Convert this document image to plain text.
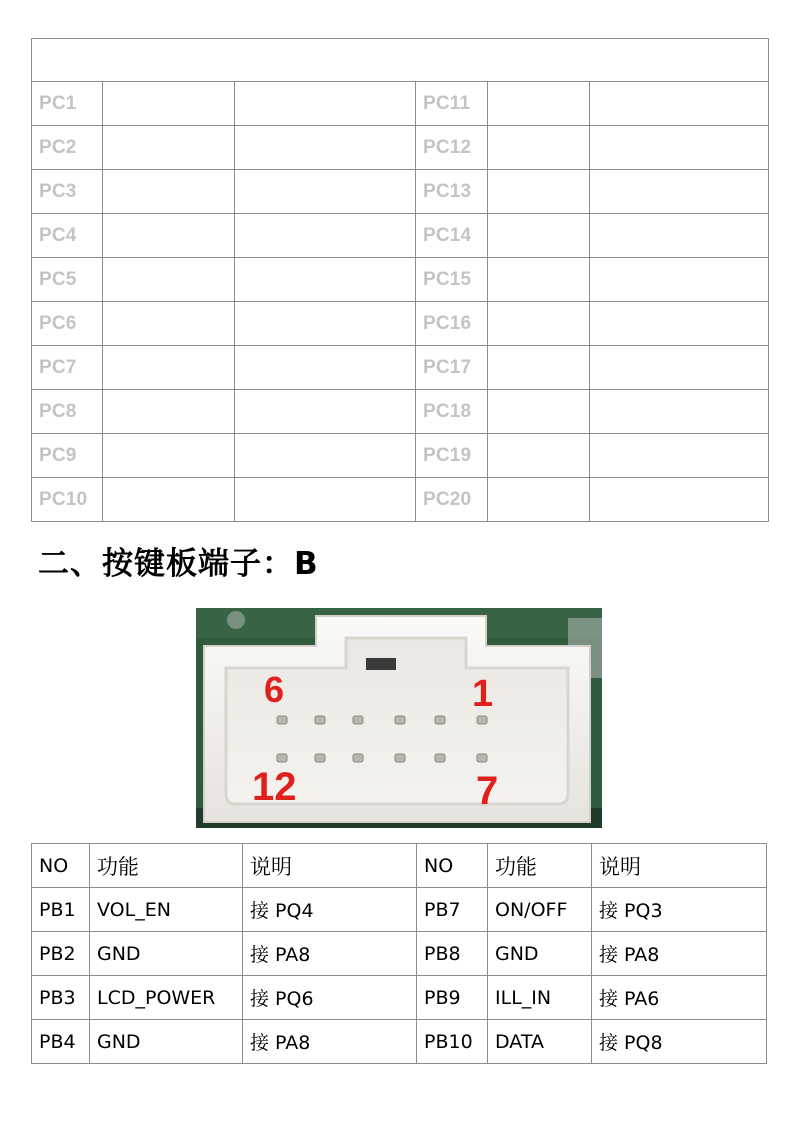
PC1			PC11		
PC2			PC12		
PC3			PC13		
PC4			PC14		
PC5			PC15		
PC6			PC16		
PC7			PC17		
PC8			PC18		
PC9			PC19		
PC10			PC20		
二、按键板端子：B
6	1
12	7
NO	功能	说明	NO	功能	说明
PB1	VOL_EN	接 PQ4	PB7	ON/OFF	接 PQ3
PB2	GND	接 PA8	PB8	GND	接 PA8
PB3	LCD_POWER	接 PQ6	PB9	ILL_IN	接 PA6
PB4	GND	接 PA8	PB10	DATA	接 PQ8
